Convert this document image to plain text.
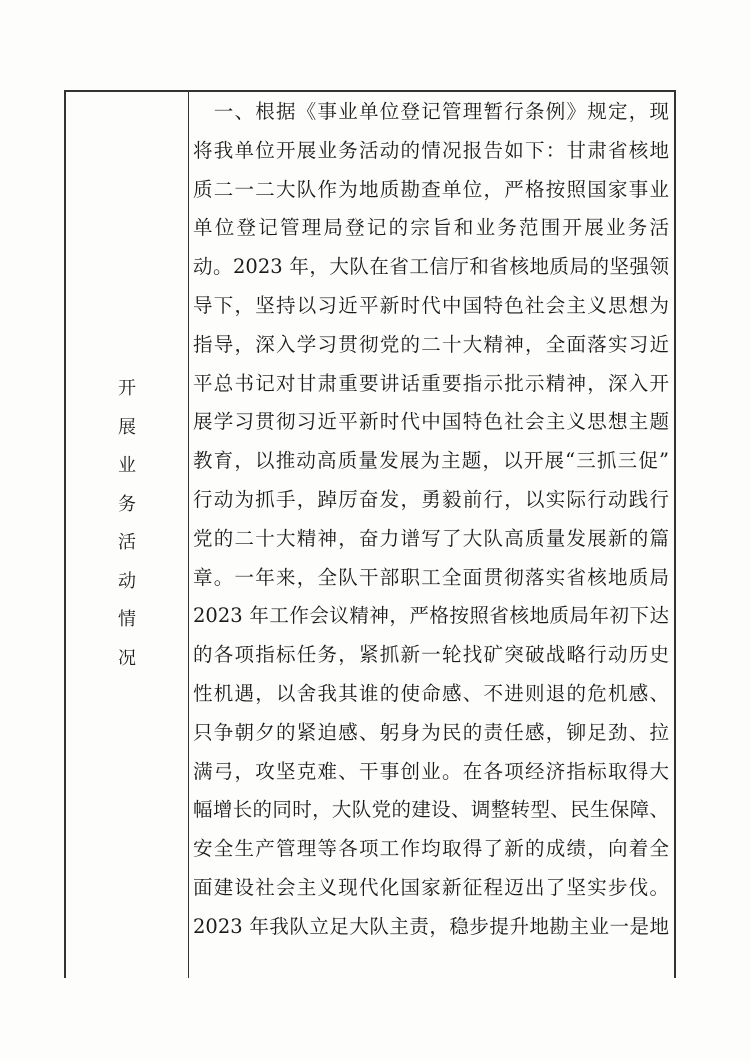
开
展
业
务
活
动
情
况
　一、根据《事业单位登记管理暂行条例》规定，现
将我单位开展业务活动的情况报告如下：甘肃省核地
质二一二大队作为地质勘查单位，严格按照国家事业
单位登记管理局登记的宗旨和业务范围开展业务活
动。2023 年，大队在省工信厅和省核地质局的坚强领
导下，坚持以习近平新时代中国特色社会主义思想为
指导，深入学习贯彻党的二十大精神，全面落实习近
平总书记对甘肃重要讲话重要指示批示精神，深入开
展学习贯彻习近平新时代中国特色社会主义思想主题
教育，以推动高质量发展为主题，以开展“三抓三促”
行动为抓手，踔厉奋发，勇毅前行，以实际行动践行
党的二十大精神，奋力谱写了大队高质量发展新的篇
章。一年来，全队干部职工全面贯彻落实省核地质局
2023 年工作会议精神，严格按照省核地质局年初下达
的各项指标任务，紧抓新一轮找矿突破战略行动历史
性机遇，以舍我其谁的使命感、不进则退的危机感、
只争朝夕的紧迫感、躬身为民的责任感，铆足劲、拉
满弓，攻坚克难、干事创业。在各项经济指标取得大
幅增长的同时，大队党的建设、调整转型、民生保障、
安全生产管理等各项工作均取得了新的成绩，向着全
面建设社会主义现代化国家新征程迈出了坚实步伐。
2023 年我队立足大队主责，稳步提升地勘主业一是地
